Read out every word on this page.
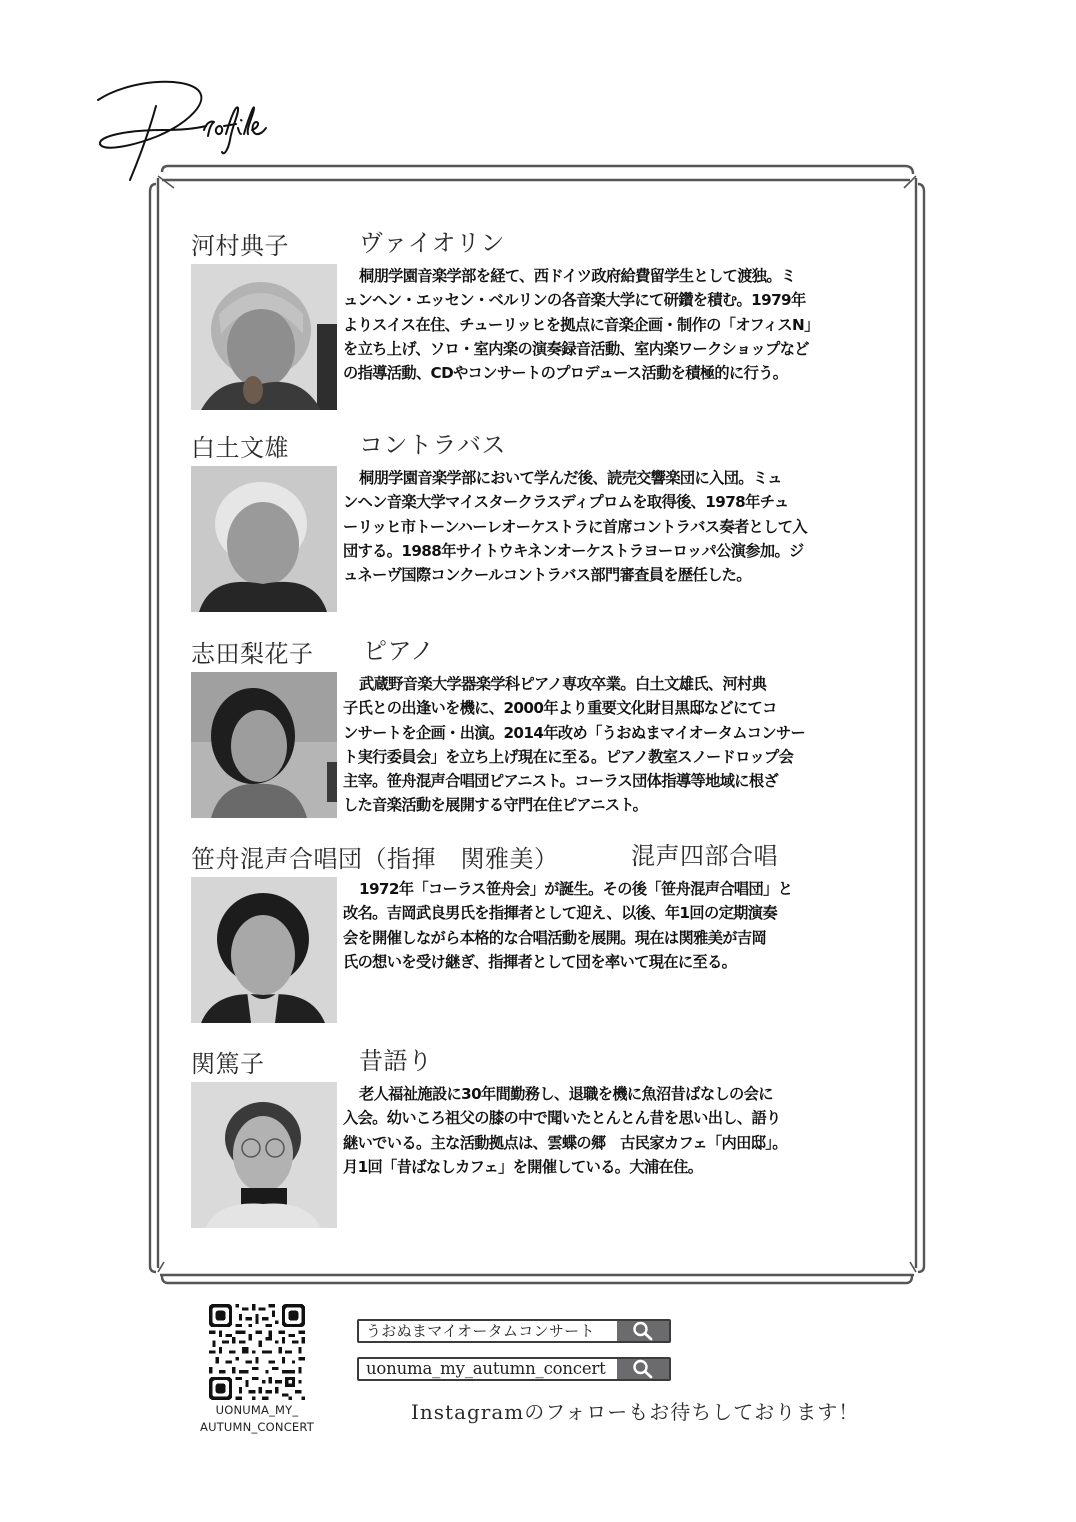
河村典子	ヴァイオリン

桐朋学園音楽学部を経て、西ドイツ政府給費留学生として渡独。ミ
ュンヘン・エッセン・ベルリンの各音楽大学にて研鑽を積む。1979年
よりスイス在住、チューリッヒを拠点に音楽企画・制作の「オフィスN」
を立ち上げ、ソロ・室内楽の演奏録音活動、室内楽ワークショップなど
の指導活動、CDやコンサートのプロデュース活動を積極的に行う。

白土文雄	コントラバス

桐朋学園音楽学部において学んだ後、読売交響楽団に入団。ミュ
ンヘン音楽大学マイスタークラスディプロムを取得後、1978年チュ
ーリッヒ市トーンハーレオーケストラに首席コントラバス奏者として入
団する。1988年サイトウキネンオーケストラヨーロッパ公演参加。ジ
ュネーヴ国際コンクールコントラバス部門審査員を歴任した。

志田梨花子 ピアノ

武蔵野音楽大学器楽学科ピアノ専攻卒業。白土文雄氏、河村典
子氏との出逢いを機に、2000年より重要文化財目黒邸などにてコ
ンサートを企画・出演。2014年改め「うおぬまマイオータムコンサー
ト実行委員会」を立ち上げ現在に至る。ピアノ教室スノードロップ会
主宰。笹舟混声合唱団ピアニスト。コーラス団体指導等地域に根ざ
した音楽活動を展開する守門在住ピアニスト。

笹舟混声合唱団（指揮　関雅美）	混声四部合唱

1972年「コーラス笹舟会」が誕生。その後「笹舟混声合唱団」と
改名。吉岡武良男氏を指揮者として迎え、以後、年1回の定期演奏
会を開催しながら本格的な合唱活動を展開。現在は関雅美が吉岡
氏の想いを受け継ぎ、指揮者として団を率いて現在に至る。

関篤子	昔語り

老人福祉施設に30年間勤務し、退職を機に魚沼昔ばなしの会に
入会。幼いころ祖父の膝の中で聞いたとんとん昔を思い出し、語り
継いでいる。主な活動拠点は、雲蝶の郷　古民家カフェ「内田邸」。
月1回「昔ばなしカフェ」を開催している。大浦在住。

UONUMA_MY_
AUTUMN_CONCERT
うおぬまマイオータムコンサート
uonuma_my_autumn_concert
Instagramのフォローもお待ちしております！
